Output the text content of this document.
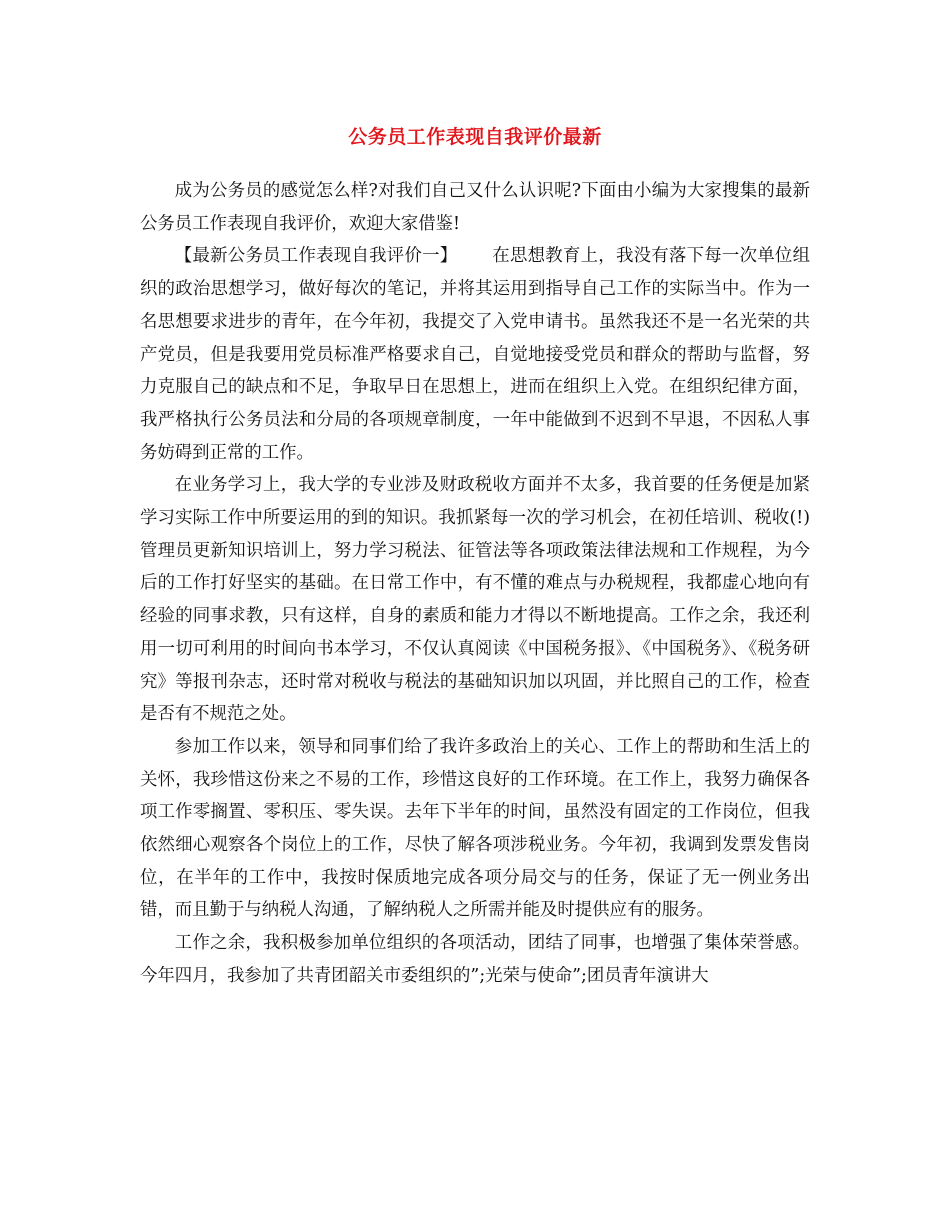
公务员工作表现自我评价最新

成为公务员的感觉怎么样?对我们自己又什么认识呢?下面由小编为大家搜集的最新公务员工作表现自我评价，欢迎大家借鉴!

【最新公务员工作表现自我评价一】 在思想教育上，我没有落下每一次单位组织的政治思想学习，做好每次的笔记，并将其运用到指导自己工作的实际当中。作为一名思想要求进步的青年，在今年初，我提交了入党申请书。虽然我还不是一名光荣的共产党员，但是我要用党员标准严格要求自己，自觉地接受党员和群众的帮助与监督，努力克服自己的缺点和不足，争取早日在思想上，进而在组织上入党。在组织纪律方面，我严格执行公务员法和分局的各项规章制度，一年中能做到不迟到不早退，不因私人事务妨碍到正常的工作。

在业务学习上，我大学的专业涉及财政税收方面并不太多，我首要的任务便是加紧学习实际工作中所要运用的到的知识。我抓紧每一次的学习机会，在初任培训、税收(!)管理员更新知识培训上，努力学习税法、征管法等各项政策法律法规和工作规程，为今后的工作打好坚实的基础。在日常工作中，有不懂的难点与办税规程，我都虚心地向有经验的同事求教，只有这样，自身的素质和能力才得以不断地提高。工作之余，我还利用一切可利用的时间向书本学习，不仅认真阅读《中国税务报》、《中国税务》、《税务研究》等报刊杂志，还时常对税收与税法的基础知识加以巩固，并比照自己的工作，检查是否有不规范之处。

参加工作以来，领导和同事们给了我许多政治上的关心、工作上的帮助和生活上的关怀，我珍惜这份来之不易的工作，珍惜这良好的工作环境。在工作上，我努力确保各项工作零搁置、零积压、零失误。去年下半年的时间，虽然没有固定的工作岗位，但我依然细心观察各个岗位上的工作，尽快了解各项涉税业务。今年初，我调到发票发售岗位，在半年的工作中，我按时保质地完成各项分局交与的任务，保证了无一例业务出错，而且勤于与纳税人沟通，了解纳税人之所需并能及时提供应有的服务。

工作之余，我积极参加单位组织的各项活动，团结了同事，也增强了集体荣誉感。今年四月，我参加了共青团韶关市委组织的”;光荣与使命”;团员青年演讲大
